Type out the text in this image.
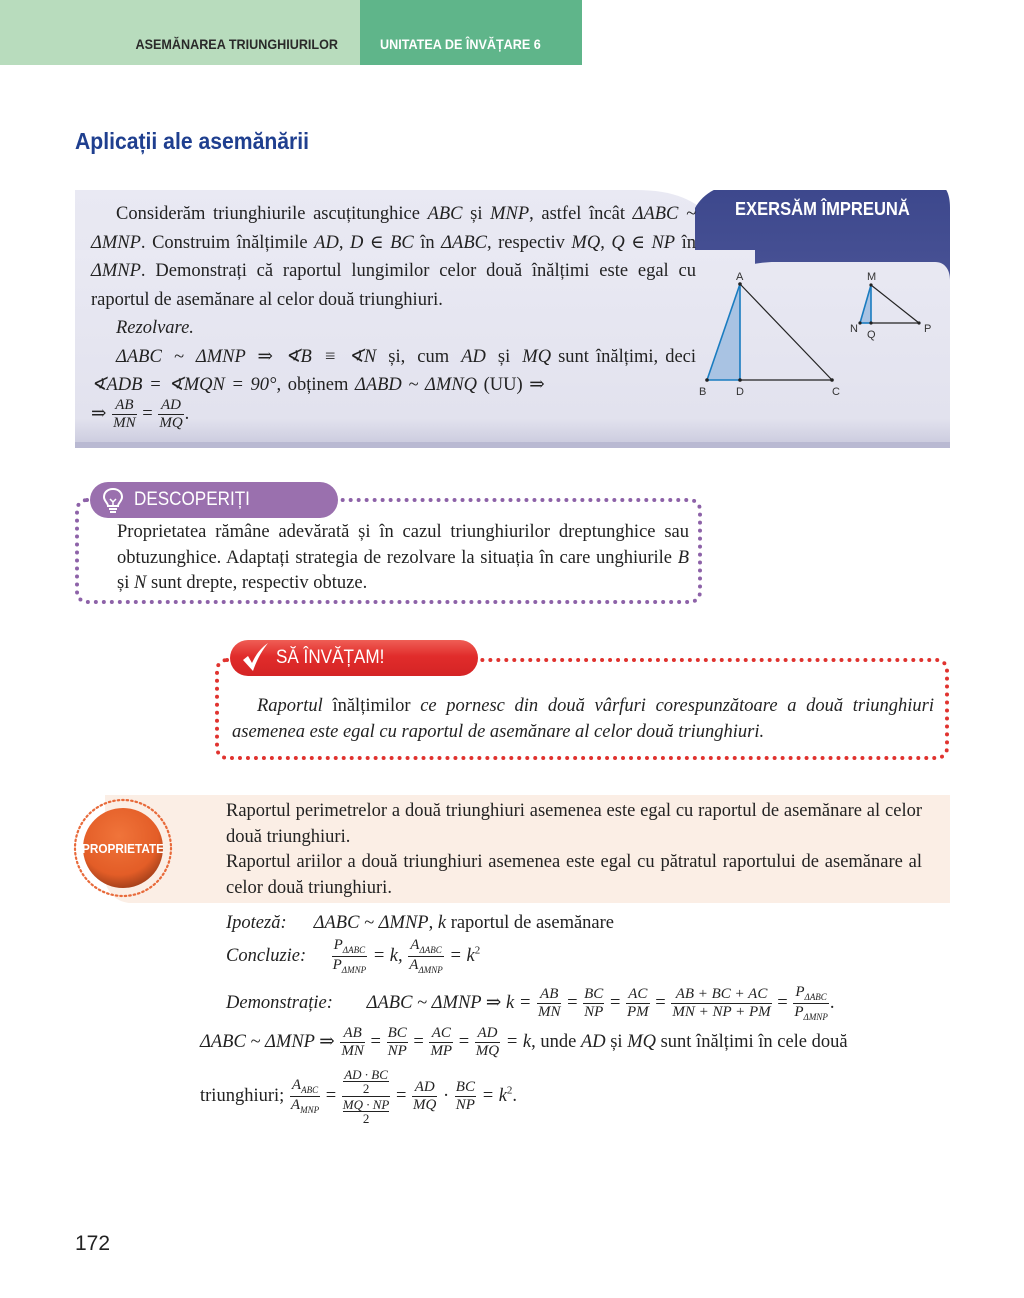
ASEMĂNAREA TRIUNGHIURILOR	UNITATEA DE ÎNVĂȚARE 6
Aplicații ale asemănării
EXERSĂM ÎMPREUNĂ

Considerăm triunghiurile ascuțitunghice ABC și MNP, astfel încât ΔABC ~ ΔMNP. Construim înălțimile AD, D ∈ BC în ΔABC, respectiv MQ, Q ∈ NP în ΔMNP. Demonstrați că raportul lungimilor celor două înălțimi este egal cu raportul de asemănare al celor două triunghiuri.

Rezolvare.

ΔABC ~ ΔMNP ⇒ ∢B ≡ ∢N și, cum AD și MQ sunt înălțimi, deci ∢ADB = ∢MQN = 90°, obținem ΔABD ~ ΔMNQ (UU) ⇒

⇒ $\frac{AB}{MN} = \frac{AD}{MQ}$ .
A
B	D	C
M
N Q	P
DESCOPERIȚI
Proprietatea rămâne adevărată și în cazul triunghiurilor dreptunghice sau obtuzunghice. Adaptați strategia de rezolvare la situația în care unghiurile B și N sunt drepte, respectiv obtuze.
SĂ ÎNVĂȚAM!

Raportul înălțimilor ce pornesc din două vârfuri corespunzătoare a două triunghiuri asemenea este egal cu raportul de asemănare al celor două triunghiuri.

PROPRIETATE

Raportul perimetrelor a două triunghiuri asemenea este egal cu raportul de asemănare al celor două triunghiuri.

Raportul ariilor a două triunghiuri asemenea este egal cu pătratul raportului de asemănare al celor două triunghiuri.

Ipoteză: ΔABC ~ ΔMNP, k raportul de asemănare
Concluzie: $\frac{P_{\Delta ABC}}{P_{\Delta MNP}} = k$, $\frac{A_{\Delta ABC}}{A_{\Delta MNP}} = k^2$
Demonstrație: ΔABC ~ ΔMNP ⇒ $k = \frac{AB}{MN} = \frac{BC}{NP} = \frac{AC}{PM} = \frac{AB + BC + AC}{MN + NP + PM} = \frac{P_{\Delta ABC}}{P_{\Delta MNP}}$ .
ΔABC ~ ΔMNP ⇒ $\frac{AB}{MN} = \frac{BC}{NP} = \frac{AC}{MP} = \frac{AD}{MQ} = k$, unde AD și MQ sunt înălțimi în cele două
triunghiuri; $\frac{A_{ABC}}{A_{MNP}}$ = AD · BC
2
MQ · NP
$2 = \frac{AD}{MQ} \cdot \frac{BC}{NP} = k^2$.
172
